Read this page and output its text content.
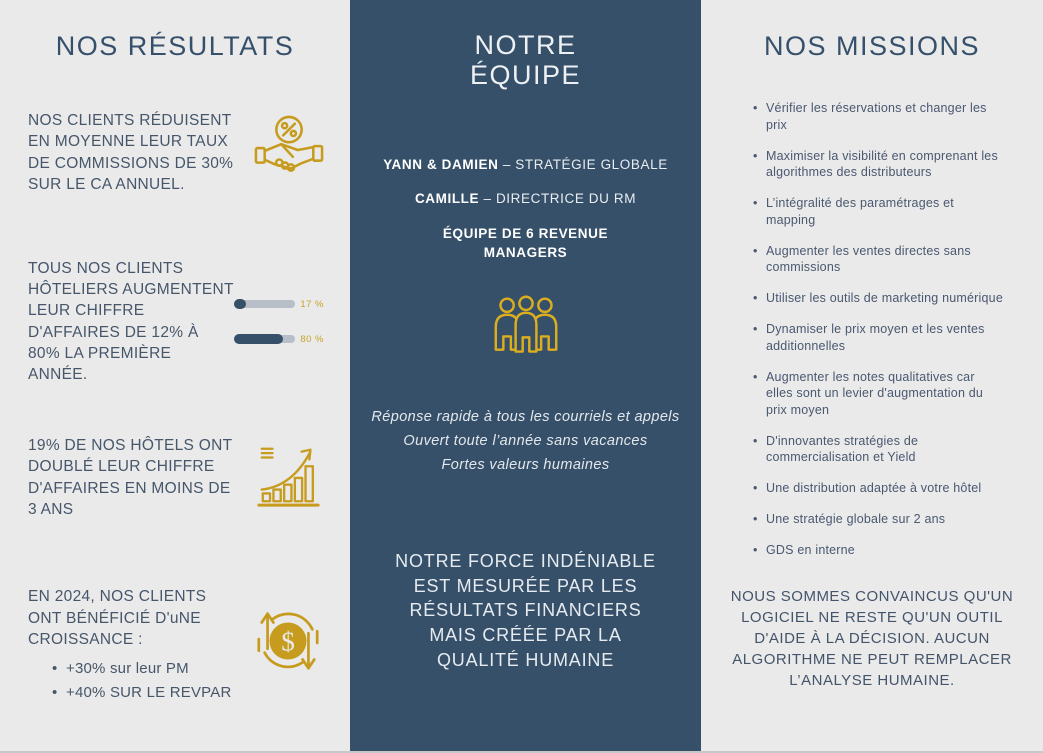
NOS RÉSULTATS
NOS CLIENTS RÉDUISENT EN MOYENNE LEUR TAUX DE COMMISSIONS DE 30% SUR LE CA ANNUEL.
TOUS NOS CLIENTS HÔTELIERS AUGMENTENT LEUR CHIFFRE D'AFFAIRES DE 12% À 80% LA PREMIÈRE ANNÉE.
17 %
80 %
19% DE NOS HÔTELS ONT DOUBLÉ LEUR CHIFFRE D'AFFAIRES EN MOINS DE 3 ANS
EN 2024, NOS CLIENTS ONT BÉNÉFICIÉ D'uNE CROISSANCE :
• +30% sur leur PM
• +40% SUR LE REVPAR
$
NOTRE
ÉQUIPE
YANN & DAMIEN – STRATÉGIE GLOBALE
CAMILLE – DIRECTRICE DU RM
ÉQUIPE DE 6 REVENUE MANAGERS
Réponse rapide à tous les courriels et appels
Ouvert toute l’année sans vacances
Fortes valeurs humaines
NOTRE FORCE INDÉNIABLE EST MESURÉE PAR LES RÉSULTATS FINANCIERS MAIS CRÉÉE PAR LA QUALITÉ HUMAINE
NOS MISSIONS
• Vérifier les réservations et changer les prix
• Maximiser la visibilité en comprenant les algorithmes des distributeurs
• L’intégralité des paramétrages et mapping
• Augmenter les ventes directes sans commissions
• Utiliser les outils de marketing numérique
• Dynamiser le prix moyen et les ventes additionnelles
• Augmenter les notes qualitatives car elles sont un levier d'augmentation du prix moyen
• D'innovantes stratégies de commercialisation et Yield
• Une distribution adaptée à votre hôtel
• Une stratégie globale sur 2 ans
• GDS en interne
NOUS SOMMES CONVAINCUS QU'UN LOGICIEL NE RESTE QU'UN OUTIL D'AIDE À LA DÉCISION. AUCUN ALGORITHME NE PEUT REMPLACER L’ANALYSE HUMAINE.
